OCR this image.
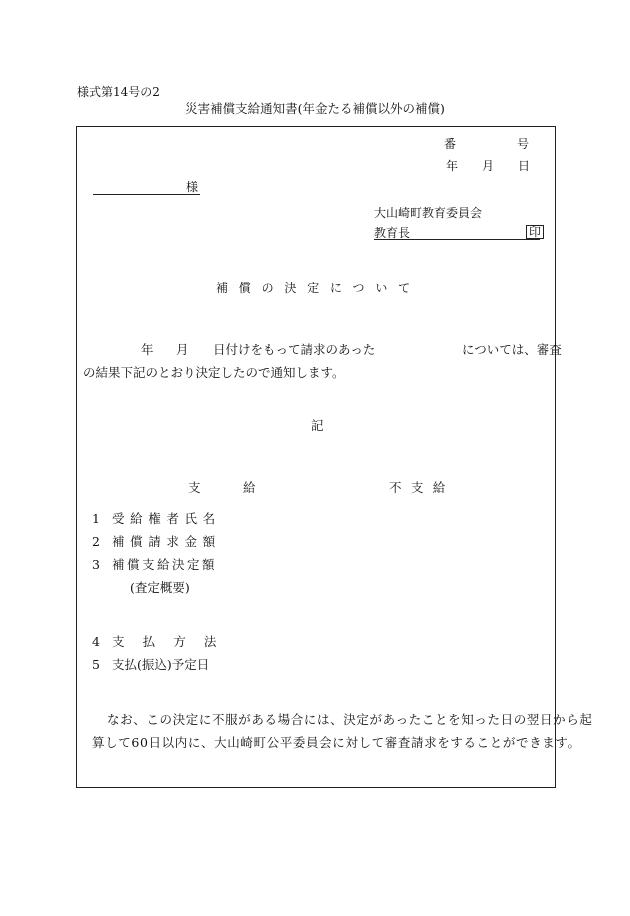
様式第14号の2
災害補償支給通知書(年金たる補償以外の補償)
番	号
年 月 日
様
大山崎町教育委員会
教育長	印
補償の決定について
年 月 日付けをもって請求のあった	については、審査
の結果下記のとおり決定したので通知します。
記
支　給	不支給
1 受給権者氏名
2 補償請求金額
3 補償支給決定額
(査定概要)
4 支払方法
5 支払(振込)予定日
なお、この決定に不服がある場合には、決定があったことを知った日の翌日から起
算して60日以内に、大山崎町公平委員会に対して審査請求をすることができます。
